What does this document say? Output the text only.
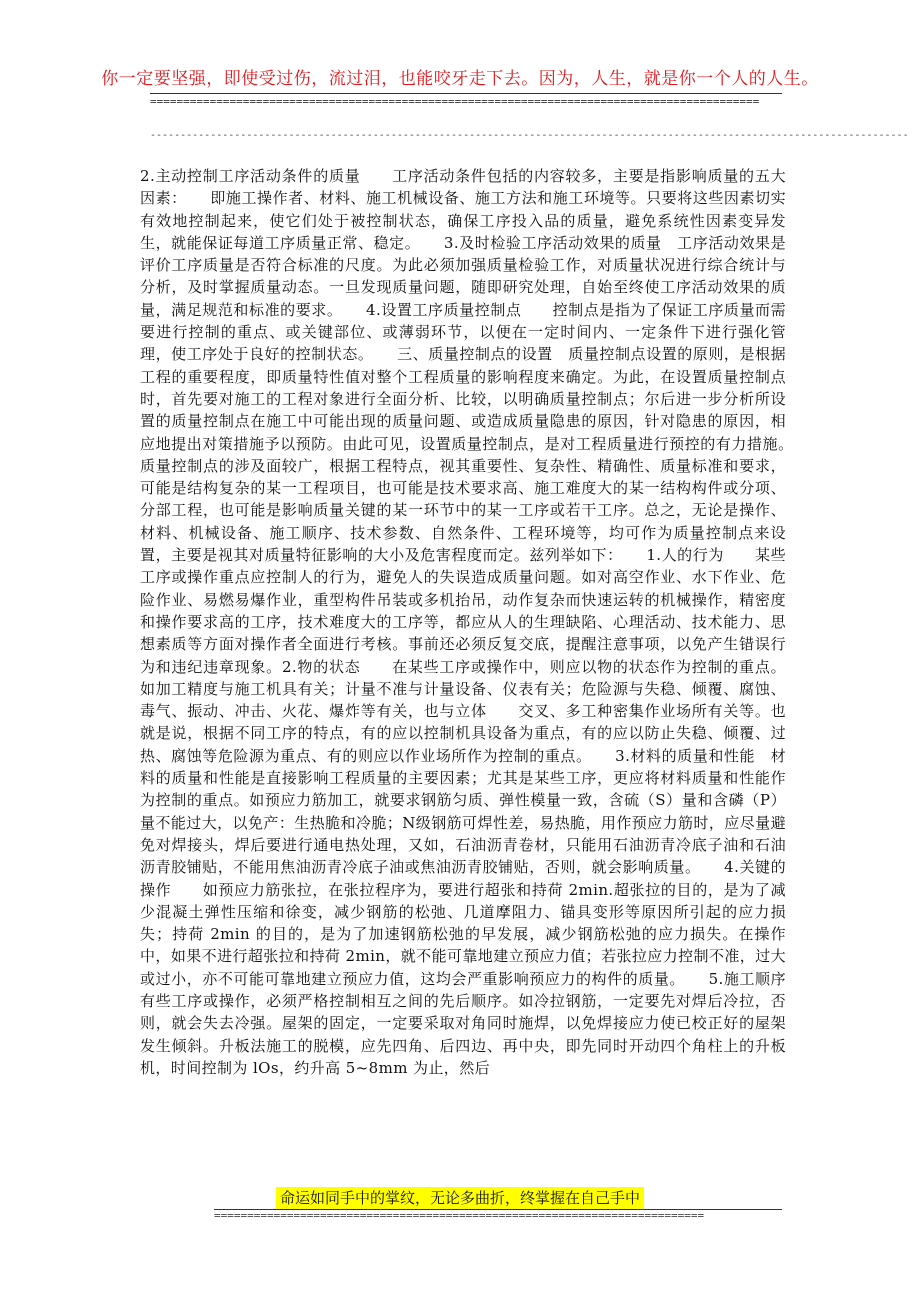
你一定要坚强，即使受过伤，流过泪，也能咬牙走下去。因为，人生，就是你一个人的人生。
============================================================================================
------------------------------------------------------------------------------------------------------------------------------
2.主动控制工序活动条件的质量　　工序活动条件包括的内容较多，主要是指影响质量的五大因素：　　即施工操作者、材料、施工机械设备、施工方法和施工环境等。只要将这些因素切实有效地控制起来，使它们处于被控制状态，确保工序投入品的质量，避免系统性因素变异发生，就能保证每道工序质量正常、稳定。　　3.及时检验工序活动效果的质量　工序活动效果是评价工序质量是否符合标准的尺度。为此必须加强质量检验工作，对质量状况进行综合统计与分析，及时掌握质量动态。一旦发现质量问题，随即研究处理，自始至终使工序活动效果的质量，满足规范和标准的要求。　　4.设置工序质量控制点　　控制点是指为了保证工序质量而需要进行控制的重点、或关键部位、或薄弱环节，以便在一定时间内、一定条件下进行强化管理，使工序处于良好的控制状态。　　三、质量控制点的设置　质量控制点设置的原则，是根据工程的重要程度，即质量特性值对整个工程质量的影响程度来确定。为此，在设置质量控制点时，首先要对施工的工程对象进行全面分析、比较，以明确质量控制点；尔后进一步分析所设置的质量控制点在施工中可能出现的质量问题、或造成质量隐患的原因，针对隐患的原因，相应地提出对策措施予以预防。由此可见，设置质量控制点，是对工程质量进行预控的有力措施。　　质量控制点的涉及面较广，根据工程特点，视其重要性、复杂性、精确性、质量标准和要求，可能是结构复杂的某一工程项目，也可能是技术要求高、施工难度大的某一结构构件或分项、分部工程，也可能是影响质量关键的某一环节中的某一工序或若干工序。总之，无论是操作、材料、机械设备、施工顺序、技术参数、自然条件、工程环境等，均可作为质量控制点来设置，主要是视其对质量特征影响的大小及危害程度而定。兹列举如下：　　1.人的行为　　某些工序或操作重点应控制人的行为，避免人的失误造成质量问题。如对高空作业、水下作业、危险作业、易燃易爆作业，重型构件吊装或多机抬吊，动作复杂而快速运转的机械操作，精密度和操作要求高的工序，技术难度大的工序等，都应从人的生理缺陷、心理活动、技术能力、思想素质等方面对操作者全面进行考核。事前还必须反复交底，提醒注意事项，以免产生错误行为和违纪违章现象。2.物的状态　　在某些工序或操作中，则应以物的状态作为控制的重点。如加工精度与施工机具有关；计量不准与计量设备、仪表有关；危险源与失稳、倾覆、腐蚀、毒气、振动、冲击、火花、爆炸等有关，也与立体　　交叉、多工种密集作业场所有关等。也就是说，根据不同工序的特点，有的应以控制机具设备为重点，有的应以防止失稳、倾覆、过热、腐蚀等危险源为重点、有的则应以作业场所作为控制的重点。　　3.材料的质量和性能　材料的质量和性能是直接影响工程质量的主要因素；尤其是某些工序，更应将材料质量和性能作为控制的重点。如预应力筋加工，就要求钢筋匀质、弹性模量一致，含硫（S）量和含磷（P）量不能过大，以免产：生热脆和冷脆；N级钢筋可焊性差，易热脆，用作预应力筋时，应尽量避免对焊接头，焊后要进行通电热处理，又如，石油沥青卷材，只能用石油沥青冷底子油和石油沥青胶铺贴，不能用焦油沥青冷底子油或焦油沥青胶铺贴，否则，就会影响质量。　　4.关键的操作　　如预应力筋张拉，在张拉程序为，要进行超张和持荷 2min.超张拉的目的，是为了减少混凝土弹性压缩和徐变，减少钢筋的松弛、几道摩阻力、锚具变形等原因所引起的应力损失；持荷 2min 的目的，是为了加速钢筋松弛的早发展，减少钢筋松弛的应力损失。在操作中，如果不进行超张拉和持荷 2min，就不能可靠地建立预应力值；若张拉应力控制不准，过大或过小，亦不可能可靠地建立预应力值，这均会严重影响预应力的构件的质量。　　5.施工顺序　　有些工序或操作，必须严格控制相互之间的先后顺序。如冷拉钢筋，一定要先对焊后冷拉，否则，就会失去冷强。屋架的固定，一定要采取对角同时施焊，以免焊接应力使已校正好的屋架发生倾斜。升板法施工的脱模，应先四角、后四边、再中央，即先同时开动四个角柱上的升板机，时间控制为 lOs，约升高 5~8mm 为止，然后
命运如同手中的掌纹，无论多曲折，终掌握在自己手中
==========================================================================
